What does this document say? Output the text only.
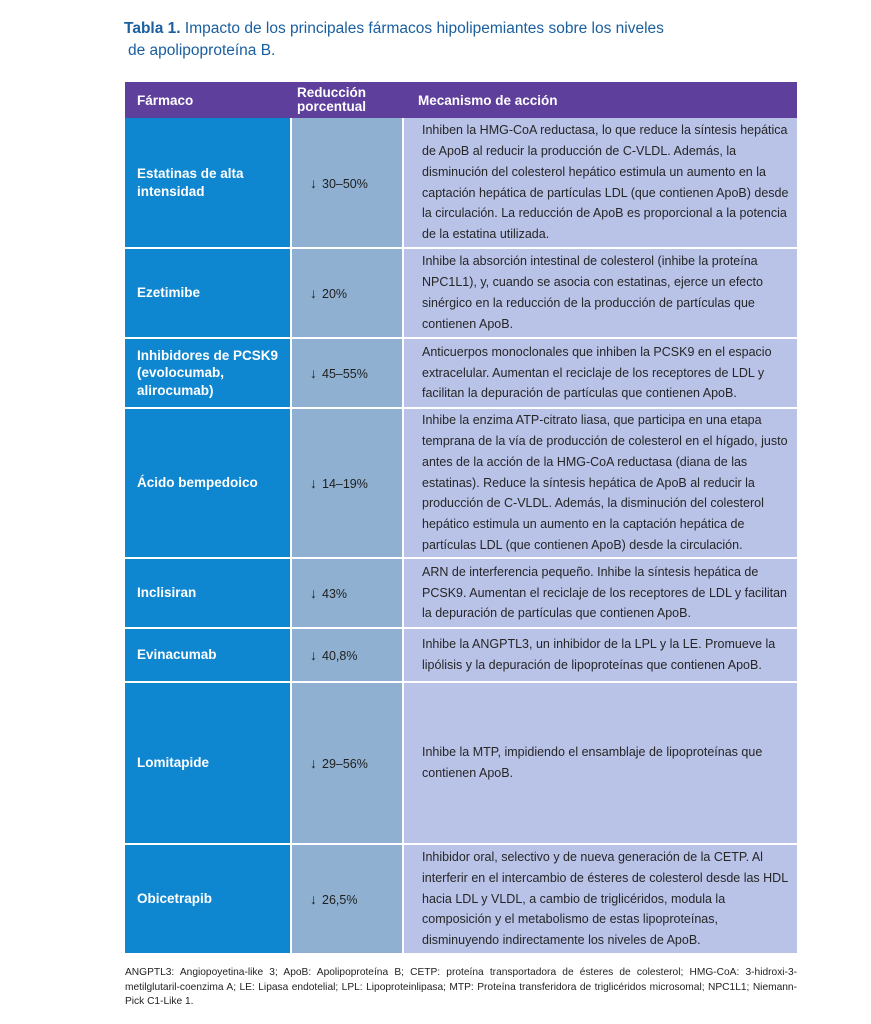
Tabla 1. Impacto de los principales fármacos hipolipemiantes sobre los niveles
de apolipoproteína B.
Fármaco	Reducción porcentual	Mecanismo de acción
Estatinas de alta intensidad	↓ 30–50%	Inhiben la HMG-CoA reductasa, lo que reduce la síntesis hepática de ApoB al reducir la producción de C-VLDL. Además, la disminución del colesterol hepático estimula un aumento en la captación hepática de partículas LDL (que contienen ApoB) desde la circulación. La reducción de ApoB es proporcional a la potencia de la estatina utilizada.
Ezetimibe	↓ 20%	Inhibe la absorción intestinal de colesterol (inhibe la proteína NPC1L1), y, cuando se asocia con estatinas, ejerce un efecto sinérgico en la reducción de la producción de partículas que contienen ApoB.
Inhibidores de PCSK9 (evolocumab, alirocumab)	↓ 45–55%	Anticuerpos monoclonales que inhiben la PCSK9 en el espacio extracelular. Aumentan el reciclaje de los receptores de LDL y facilitan la depuración de partículas que contienen ApoB.
Ácido bempedoico	↓ 14–19%	Inhibe la enzima ATP-citrato liasa, que participa en una etapa temprana de la vía de producción de colesterol en el hígado, justo antes de la acción de la HMG-CoA reductasa (diana de las estatinas). Reduce la síntesis hepática de ApoB al reducir la producción de C-VLDL. Además, la disminución del colesterol hepático estimula un aumento en la captación hepática de partículas LDL (que contienen ApoB) desde la circulación.
Inclisiran	↓ 43%	ARN de interferencia pequeño. Inhibe la síntesis hepática de PCSK9. Aumentan el reciclaje de los receptores de LDL y facilitan la depuración de partículas que contienen ApoB.
Evinacumab	↓ 40,8%	Inhibe la ANGPTL3, un inhibidor de la LPL y la LE. Promueve la lipólisis y la depuración de lipoproteínas que contienen ApoB.
Lomitapide	↓ 29–56%	Inhibe la MTP, impidiendo el ensamblaje de lipoproteínas que contienen ApoB.
Obicetrapib	↓ 26,5%	Inhibidor oral, selectivo y de nueva generación de la CETP. Al interferir en el intercambio de ésteres de colesterol desde las HDL hacia LDL y VLDL, a cambio de triglicéridos, modula la composición y el metabolismo de estas lipoproteínas, disminuyendo indirectamente los niveles de ApoB.
ANGPTL3: Angiopoyetina-like 3; ApoB: Apolipoproteína B; CETP: proteína transportadora de ésteres de colesterol; HMG-CoA: 3-hidroxi-3-metilglutaril-coenzima A; LE: Lipasa endotelial; LPL: Lipoproteinlipasa; MTP: Proteína transferidora de triglicéridos microsomal; NPC1L1; Niemann-Pick C1-Like 1.
